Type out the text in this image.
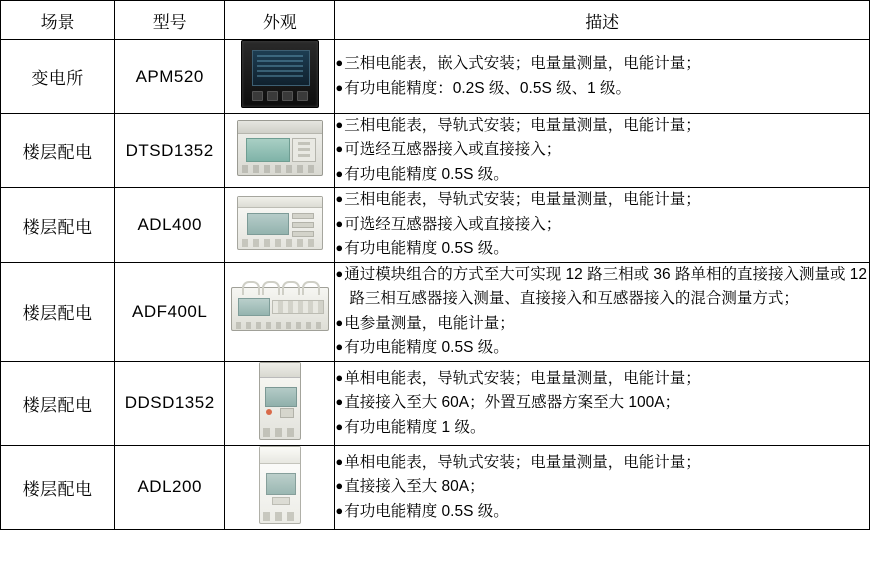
场景	型号	外观	描述
变电所	APM520		●三相电能表，嵌入式安装；电量量测量，电能计量；
●有功电能精度：0.2S 级、0.5S 级、1 级。

楼层配电	DTSD1352		●三相电能表，导轨式安装；电量量测量，电能计量；
●可选经互感器接入或直接接入；
●有功电能精度 0.5S 级。

楼层配电	ADL400		●三相电能表，导轨式安装；电量量测量，电能计量；
●可选经互感器接入或直接接入；
●有功电能精度 0.5S 级。

楼层配电	ADF400L		●通过模块组合的方式至大可实现 12 路三相或 36 路单相的直接接入测量或 12 路三相互感器接入测量、直接接入和互感器接入的混合测量方式；
●电参量测量，电能计量；
●有功电能精度 0.5S 级。

楼层配电	DDSD1352		●单相电能表，导轨式安装；电量量测量，电能计量；
●直接接入至大 60A；外置互感器方案至大 100A；
●有功电能精度 1 级。

楼层配电	ADL200		●单相电能表，导轨式安装；电量量测量，电能计量；
●直接接入至大 80A；
●有功电能精度 0.5S 级。
